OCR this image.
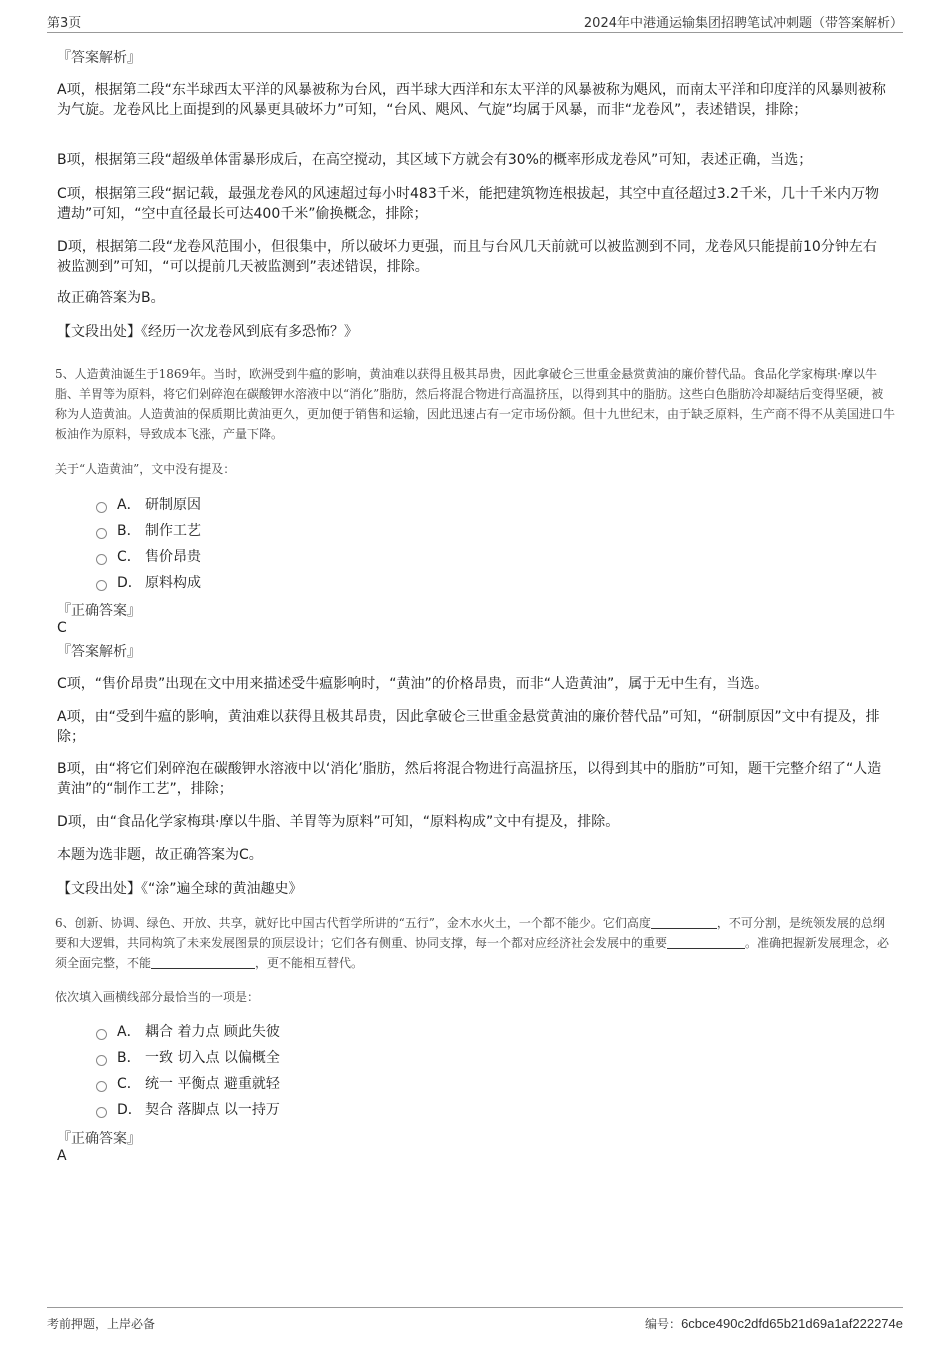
第3页	2024年中港通运输集团招聘笔试冲刺题（带答案解析）
『答案解析』
A项，根据第二段“东半球西太平洋的风暴被称为台风，西半球大西洋和东太平洋的风暴被称为飓风，而南太平洋和印度洋的风暴则被称为气旋。龙卷风比上面提到的风暴更具破坏力”可知，“台风、飓风、气旋”均属于风暴，而非“龙卷风”，表述错误，排除；
B项，根据第三段“超级单体雷暴形成后，在高空搅动，其区域下方就会有30%的概率形成龙卷风”可知，表述正确，当选；
C项，根据第三段“据记载，最强龙卷风的风速超过每小时483千米，能把建筑物连根拔起，其空中直径超过3.2千米，几十千米内万物遭劫”可知，“空中直径最长可达400千米”偷换概念，排除；
D项，根据第二段“龙卷风范围小，但很集中，所以破坏力更强，而且与台风几天前就可以被监测到不同，龙卷风只能提前10分钟左右被监测到”可知，“可以提前几天被监测到”表述错误，排除。
故正确答案为B。
【文段出处】《经历一次龙卷风到底有多恐怖？》
5、人造黄油诞生于1869年。当时，欧洲受到牛瘟的影响，黄油难以获得且极其昂贵，因此拿破仑三世重金悬赏黄油的廉价替代品。食品化学家梅琪·摩以牛脂、羊胃等为原料，将它们剁碎泡在碳酸钾水溶液中以“消化”脂肪，然后将混合物进行高温挤压，以得到其中的脂肪。这些白色脂肪冷却凝结后变得坚硬，被称为人造黄油。人造黄油的保质期比黄油更久，更加便于销售和运输，因此迅速占有一定市场份额。但十九世纪末，由于缺乏原料，生产商不得不从美国进口牛板油作为原料，导致成本飞涨，产量下降。
关于“人造黄油”，文中没有提及：
A． 研制原因
B． 制作工艺
C． 售价昂贵
D． 原料构成
『正确答案』
C
『答案解析』
C项，“售价昂贵”出现在文中用来描述受牛瘟影响时，“黄油”的价格昂贵，而非“人造黄油”，属于无中生有，当选。
A项，由“受到牛瘟的影响，黄油难以获得且极其昂贵，因此拿破仑三世重金悬赏黄油的廉价替代品”可知，“研制原因”文中有提及，排除；
B项，由“将它们剁碎泡在碳酸钾水溶液中以‘消化’脂肪，然后将混合物进行高温挤压，以得到其中的脂肪”可知，题干完整介绍了“人造黄油”的“制作工艺”，排除；
D项，由“食品化学家梅琪·摩以牛脂、羊胃等为原料”可知，“原料构成”文中有提及，排除。
本题为选非题，故正确答案为C。
【文段出处】《“涂”遍全球的黄油趣史》
6、创新、协调、绿色、开放、共享，就好比中国古代哲学所讲的“五行”，金木水火土，一个都不能少。它们高度	，不可分割，是统领发展的总纲要和大逻辑，共同构筑了未来发展图景的顶层设计；它们各有侧重、协同支撑，每一个都对应经济社会发展中的重要	。准确把握新发展理念，必须全面完整，不能	，更不能相互替代。
依次填入画横线部分最恰当的一项是：
A． 耦合 着力点 顾此失彼
B． 一致 切入点 以偏概全
C． 统一 平衡点 避重就轻
D． 契合 落脚点 以一持万
『正确答案』
A
考前押题，上岸必备	编号：6cbce490c2dfd65b21d69a1af222274e
